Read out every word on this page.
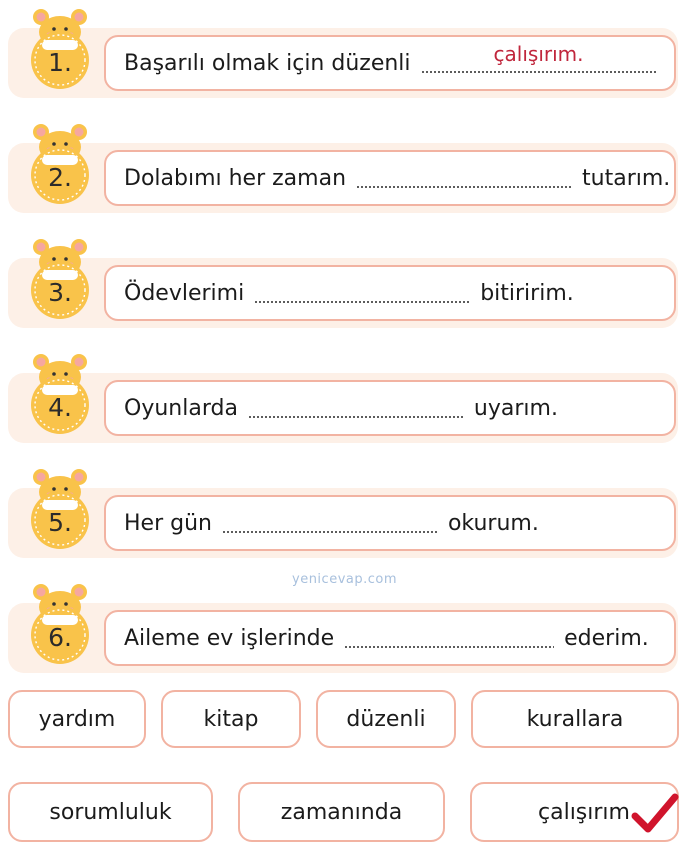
1.	Başarılı olmak için düzenli	çalışırım.
2.	Dolabımı her zaman	tutarım.
3.	Ödevlerimi	bitiririm.
4.	Oyunlarda	uyarım.
5.	Her gün	okurum.
6.	Aileme ev işlerinde	ederim.
yenicevap.com
yardım	kitap	düzenli	kurallara
sorumluluk	zamanında	çalışırım
